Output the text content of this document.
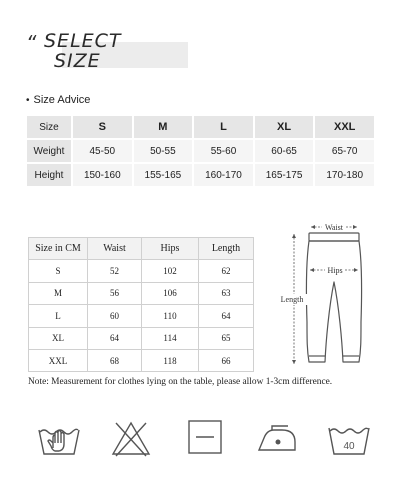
“ SELECT
SIZE
• Size Advice
Size	S	M	L	XL	XXL
Weight	45-50	50-55	55-60	60-65	65-70
Height	150-160	155-165	160-170	165-175	170-180
Size in CM	Waist	Hips	Length
S	52	102	62
M	56	106	63
L	60	110	64
XL	64	114	65
XXL	68	118	66
Waist
Hips
Length
Note: Measurement for clothes lying on the table, please allow 1-3cm difference.
40
